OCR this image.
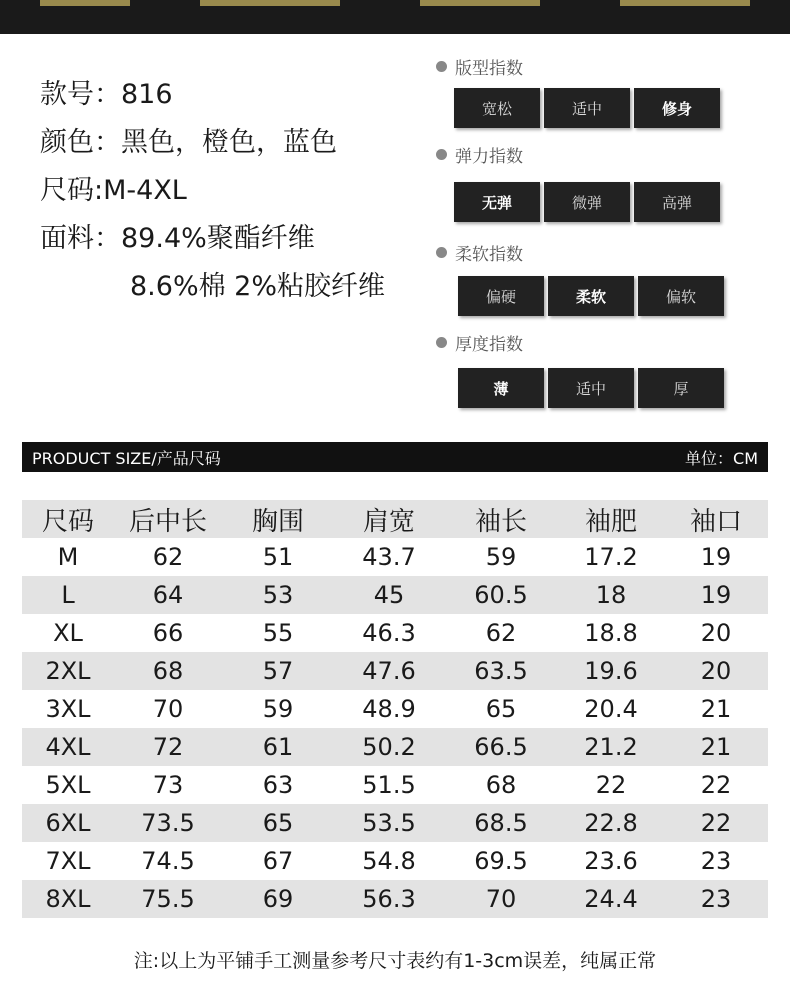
款号：816
颜色：黑色，橙色，蓝色
尺码:M-4XL
面料：89.4%聚酯纤维
8.6%棉 2%粘胶纤维
版型指数
宽松	适中	修身
弹力指数
无弹	微弹	高弹
柔软指数
偏硬	柔软	偏软
厚度指数
薄	适中	厚
PRODUCT SIZE/产品尺码	单位：CM
尺码	后中长	胸围	肩宽	袖长	袖肥	袖口
M	62	51	43.7	59	17.2	19
L	64	53	45	60.5	18	19
XL	66	55	46.3	62	18.8	20
2XL	68	57	47.6	63.5	19.6	20
3XL	70	59	48.9	65	20.4	21
4XL	72	61	50.2	66.5	21.2	21
5XL	73	63	51.5	68	22	22
6XL	73.5	65	53.5	68.5	22.8	22
7XL	74.5	67	54.8	69.5	23.6	23
8XL	75.5	69	56.3	70	24.4	23
注:以上为平铺手工测量参考尺寸表约有1-3cm误差，纯属正常
